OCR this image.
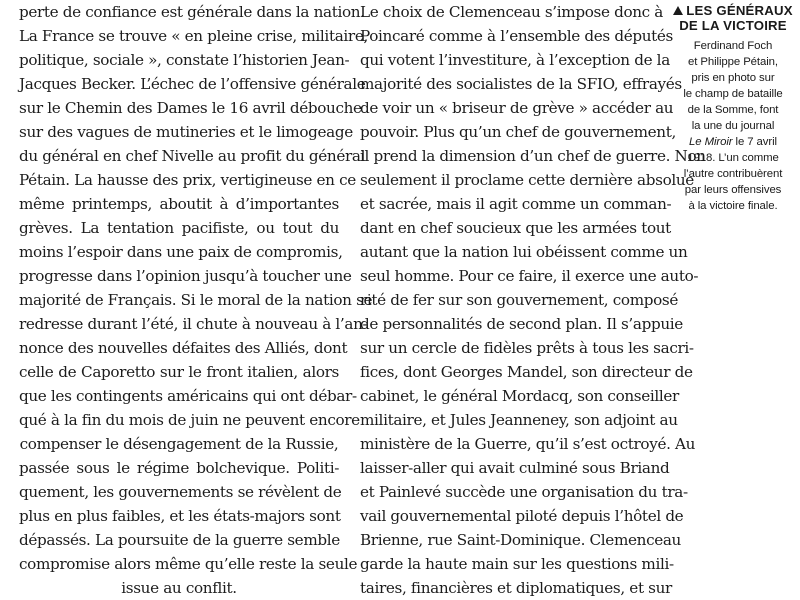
perte de confiance est générale dans la nation.
La France se trouve « en pleine crise, militaire,
politique, sociale », constate l’historien Jean-
Jacques Becker. L’échec de l’offensive générale
sur le Chemin des Dames le 16 avril débouche
sur des vagues de mutineries et le limogeage
du général en chef Nivelle au profit du général
Pétain. La hausse des prix, vertigineuse en ce
même printemps, aboutit à d’importantes
grèves. La tentation pacifiste, ou tout du
moins l’espoir dans une paix de compromis,
progresse dans l’opinion jusqu’à toucher une
majorité de Français. Si le moral de la nation se
redresse durant l’été, il chute à nouveau à l’an-
nonce des nouvelles défaites des Alliés, dont
celle de Caporetto sur le front italien, alors
que les contingents américains qui ont débar-
qué à la fin du mois de juin ne peuvent encore
compenser le désengagement de la Russie,
passée sous le régime bolchevique. Politi-
quement, les gouvernements se révèlent de
plus en plus faibles, et les états-majors sont
dépassés. La poursuite de la guerre semble
compromise alors même qu’elle reste la seule
issue au conflit.
Le choix de Clemenceau s’impose donc à
Poincaré comme à l’ensemble des députés
qui votent l’investiture, à l’exception de la
majorité des socialistes de la SFIO, effrayés
de voir un « briseur de grève » accéder au
pouvoir. Plus qu’un chef de gouvernement,
il prend la dimension d’un chef de guerre. Non
seulement il proclame cette dernière absolue
et sacrée, mais il agit comme un comman-
dant en chef soucieux que les armées tout
autant que la nation lui obéissent comme un
seul homme. Pour ce faire, il exerce une auto-
rité de fer sur son gouvernement, composé
de personnalités de second plan. Il s’appuie
sur un cercle de fidèles prêts à tous les sacri-
fices, dont Georges Mandel, son directeur de
cabinet, le général Mordacq, son conseiller
militaire, et Jules Jeanneney, son adjoint au
ministère de la Guerre, qu’il s’est octroyé. Au
laisser-aller qui avait culminé sous Briand
et Painlevé succède une organisation du tra-
vail gouvernemental piloté depuis l’hôtel de
Brienne, rue Saint-Dominique. Clemenceau
garde la haute main sur les questions mili-
taires, financières et diplomatiques, et sur
LES GÉNÉRAUX
DE LA VICTOIRE
Ferdinand Foch
et Philippe Pétain,
pris en photo sur
le champ de bataille
de la Somme, font
la une du journal
Le Miroir le 7 avril
1918. L’un comme
l’autre contribuèrent
par leurs offensives
à la victoire finale.
